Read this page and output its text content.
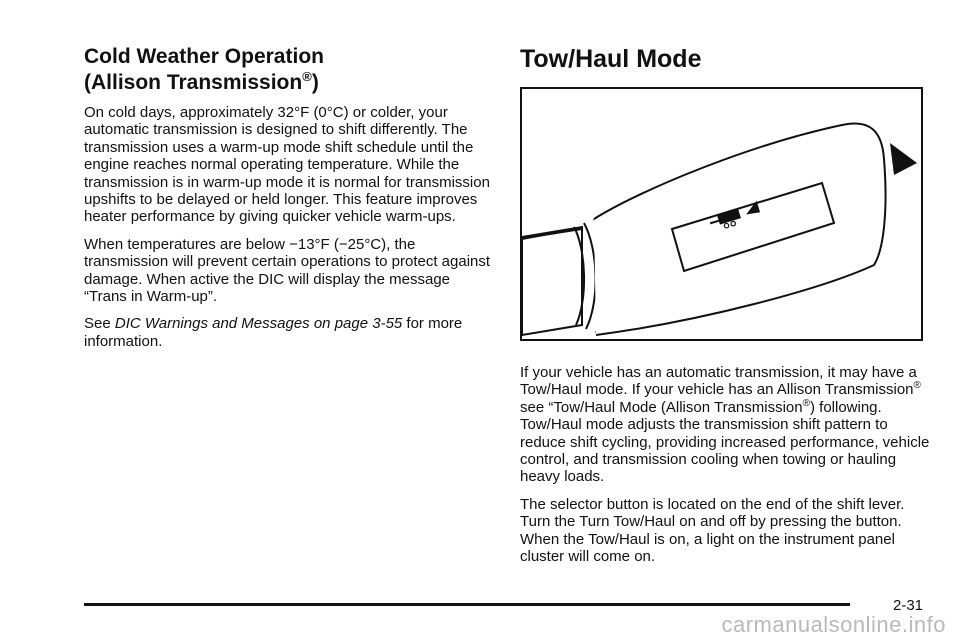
Cold Weather Operation
(Allison Transmission®)

On cold days, approximately 32°F (0°C) or colder, your automatic transmission is designed to shift differently. The transmission uses a warm-up mode shift schedule until the engine reaches normal operating temperature. While the transmission is in warm-up mode it is normal for transmission upshifts to be delayed or held longer. This feature improves heater performance by giving quicker vehicle warm-ups.

When temperatures are below −13°F (−25°C), the transmission will prevent certain operations to protect against damage. When active the DIC will display the message “Trans in Warm-up”.

See DIC Warnings and Messages on page 3-55 for more information.

Tow/Haul Mode

If your vehicle has an automatic transmission, it may have a Tow/Haul mode. If your vehicle has an Allison Transmission® see “Tow/Haul Mode (Allison Transmission®) following. Tow/Haul mode adjusts the transmission shift pattern to reduce shift cycling, providing increased performance, vehicle control, and transmission cooling when towing or hauling heavy loads.

The selector button is located on the end of the shift lever. Turn the Turn Tow/Haul on and off by pressing the button. When the Tow/Haul is on, a light on the instrument panel cluster will come on.

2-31
carmanualsonline.info
